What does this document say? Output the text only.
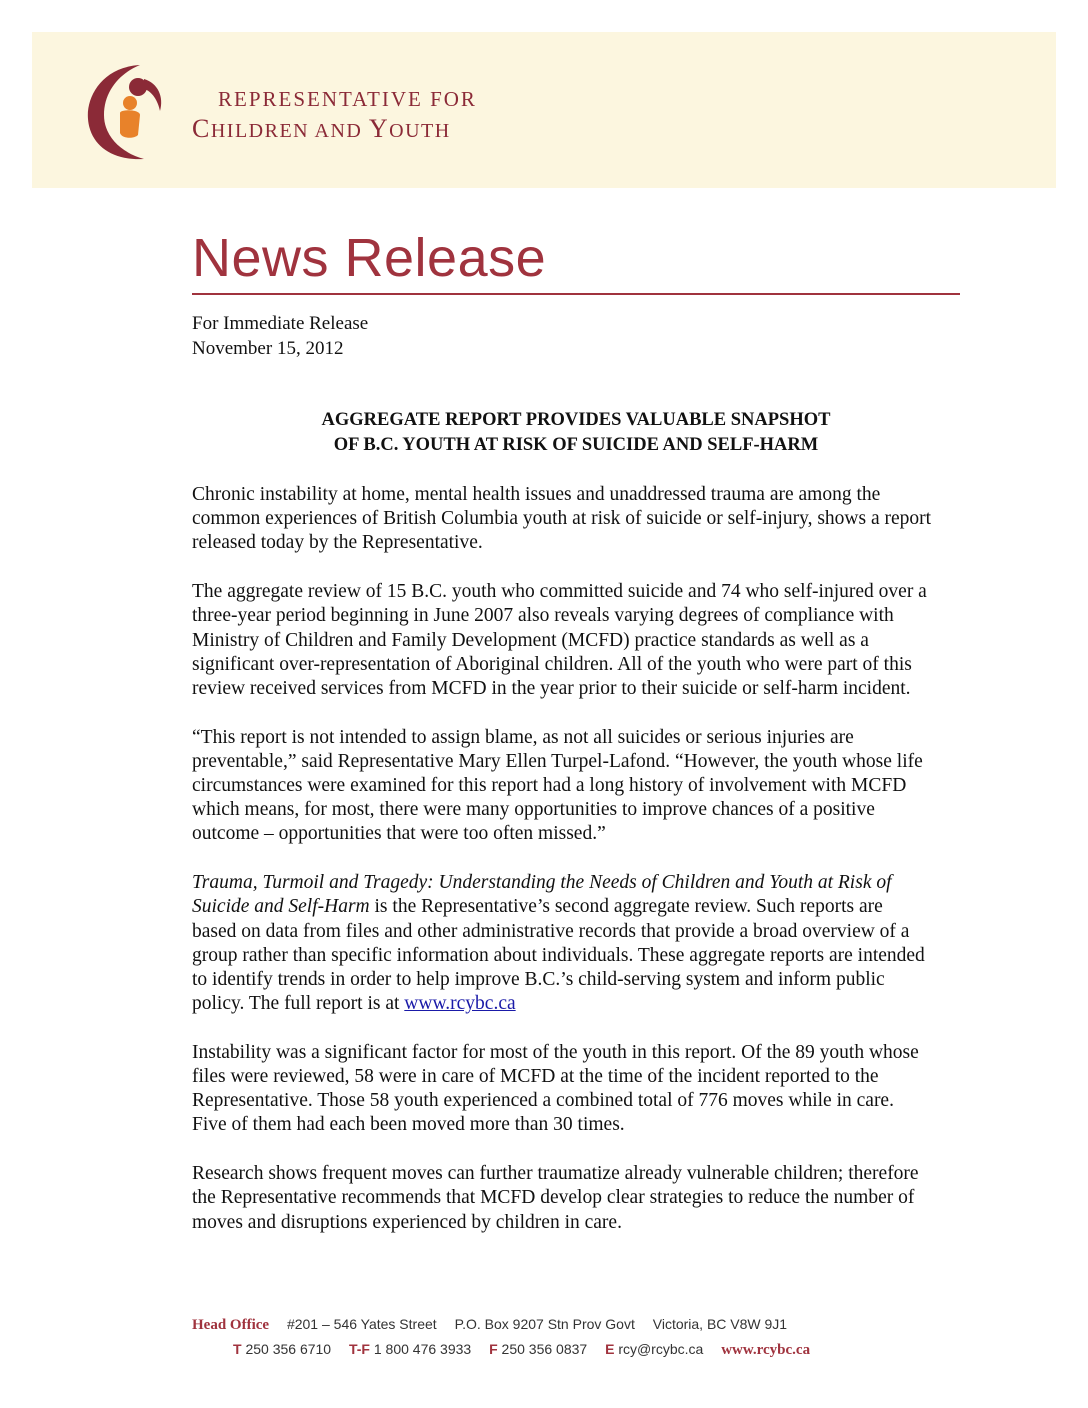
REPRESENTATIVE FOR
CHILDREN AND YOUTH
News Release
For Immediate Release
November 15, 2012
AGGREGATE REPORT PROVIDES VALUABLE SNAPSHOT
OF B.C. YOUTH AT RISK OF SUICIDE AND SELF-HARM

Chronic instability at home, mental health issues and unaddressed trauma are among the common experiences of British Columbia youth at risk of suicide or self-injury, shows a report released today by the Representative.

The aggregate review of 15 B.C. youth who committed suicide and 74 who self-injured over a three-year period beginning in June 2007 also reveals varying degrees of compliance with Ministry of Children and Family Development (MCFD) practice standards as well as a significant over-representation of Aboriginal children. All of the youth who were part of this review received services from MCFD in the year prior to their suicide or self-harm incident.

“This report is not intended to assign blame, as not all suicides or serious injuries are preventable,” said Representative Mary Ellen Turpel-Lafond. “However, the youth whose life circumstances were examined for this report had a long history of involvement with MCFD which means, for most, there were many opportunities to improve chances of a positive outcome – opportunities that were too often missed.”

Trauma, Turmoil and Tragedy: Understanding the Needs of Children and Youth at Risk of Suicide and Self-Harm is the Representative’s second aggregate review. Such reports are based on data from files and other administrative records that provide a broad overview of a group rather than specific information about individuals. These aggregate reports are intended to identify trends in order to help improve B.C.’s child-serving system and inform public policy. The full report is at www.rcybc.ca

Instability was a significant factor for most of the youth in this report. Of the 89 youth whose files were reviewed, 58 were in care of MCFD at the time of the incident reported to the Representative. Those 58 youth experienced a combined total of 776 moves while in care. Five of them had each been moved more than 30 times.

Research shows frequent moves can further traumatize already vulnerable children; therefore the Representative recommends that MCFD develop clear strategies to reduce the number of moves and disruptions experienced by children in care.

Head Office #201 – 546 Yates Street P.O. Box 9207 Stn Prov Govt Victoria, BC V8W 9J1
T 250 356 6710 T-F 1 800 476 3933 F 250 356 0837 E rcy@rcybc.ca www.rcybc.ca
